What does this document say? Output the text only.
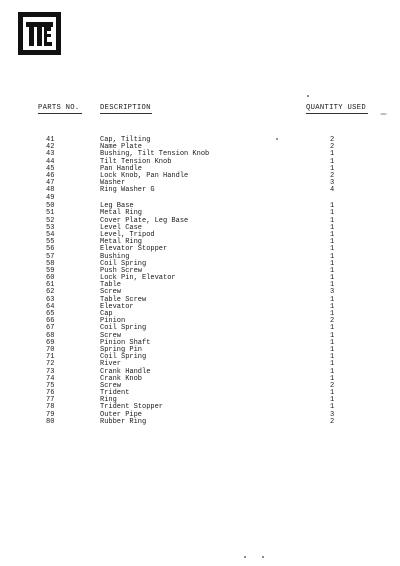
PARTS NO.	DESCRIPTION	QUANTITY USED
41	Cap, Tilting	2
42	Name Plate	2
43	Bushing, Tilt Tension Knob	1
44	Tilt Tension Knob	1
45	Pan Handle	1
46	Lock Knob, Pan Handle	2
47	Washer	3
48	Ring Washer G	4
49
50	Leg Base	1
51	Metal Ring	1
52	Cover Plate, Leg Base	1
53	Level Case	1
54	Level, Tripod	1
55	Metal Ring	1
56	Elevator Stopper	1
57	Bushing	1
58	Coil Spring	1
59	Push Screw	1
60	Lock Pin, Elevator	1
61	Table	1
62	Screw	3
63	Table Screw	1
64	Elevator	1
65	Cap	1
66	Pinion	2
67	Coil Spring	1
68	Screw	1
69	Pinion Shaft	1
70	Spring Pin	1
71	Coil Spring	1
72	River	1
73	Crank Handle	1
74	Crank Knob	1
75	Screw	2
76	Trident	1
77	Ring	1
78	Trident Stopper	1
79	Outer Pipe	3
80	Rubber Ring	2
